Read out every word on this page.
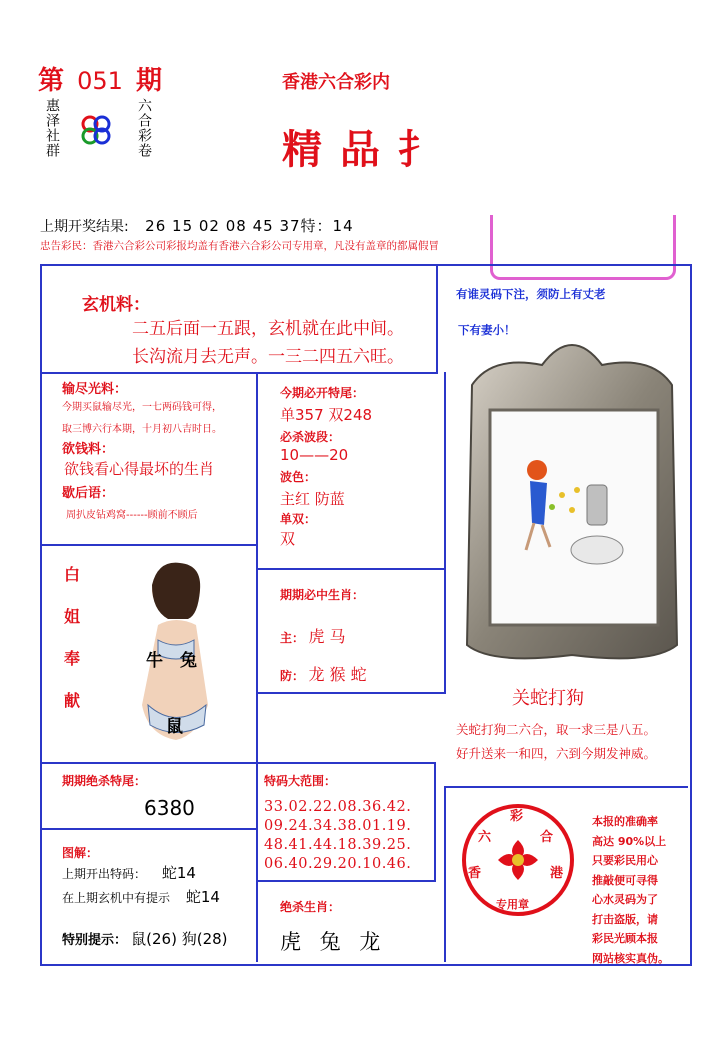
第 051 期
惠泽
社群
六合
彩卷
香港六合彩内
精品扌
上期开奖结果: 26 15 02 08 45 37特：14
忠告彩民：香港六合彩公司彩报均盖有香港六合彩公司专用章，凡没有盖章的都属假冒
玄机料：
二五后面一五跟，玄机就在此中间。
长沟流月去无声。一三二四五六旺。
有谁灵码下注，须防上有丈老
下有妻小！
输尽光料：
今期买鼠输尽光，一七两码钱可得，
取三博六行本期，十月初八吉时日。
欲钱料：
欲钱看心得最坏的生肖
歇后语：
周扒皮钻鸡窝------顾前不顾后
今期必开特尾：
单357 双248
必杀波段：
10——20
波色：
主红 防蓝
单双：
双
白
姐
奉
献
牛 兔
鼠
期期必中生肖：
主： 虎 马
防： 龙 猴 蛇
关蛇打狗
关蛇打狗二六合，取一求三是八五。
好升送来一和四，六到今期发神威。
期期绝杀特尾：
6380
特码大范围：
33.02.22.08.36.42.
09.24.34.38.01.19.
48.41.44.18.39.25.
06.40.29.20.10.46.
图解：
上期开出特码： 蛇14
在上期玄机中有提示 蛇14
特别提示： 鼠(26) 狗(28)
绝杀生肖：
虎 兔 龙
彩
六	合
香	港
专用章
本报的准确率
高达 90%以上
只要彩民用心
推敲便可寻得
心水灵码为了
打击盗版，请
彩民光顾本报
网站核实真伪。
